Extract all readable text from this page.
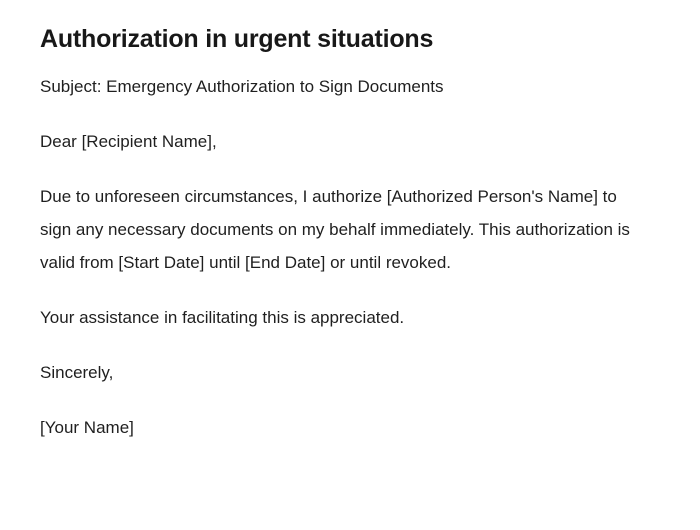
Authorization in urgent situations

Subject: Emergency Authorization to Sign Documents

Dear [Recipient Name],

Due to unforeseen circumstances, I authorize [Authorized Person's Name] to sign any necessary documents on my behalf immediately. This authorization is valid from [Start Date] until [End Date] or until revoked.

Your assistance in facilitating this is appreciated.

Sincerely,

[Your Name]
